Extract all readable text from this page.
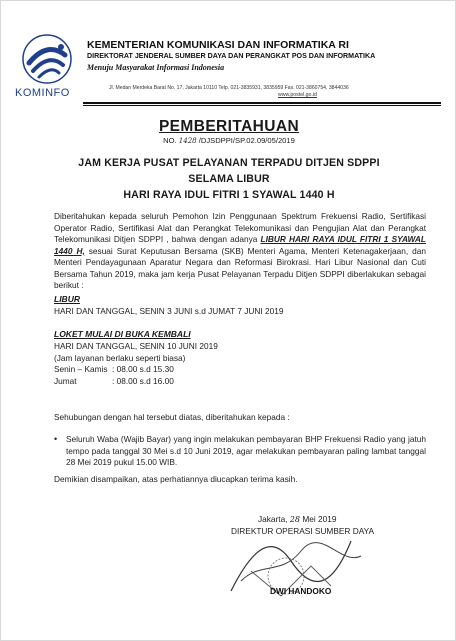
KOMINFO
KEMENTERIAN KOMUNIKASI DAN INFORMATIKA RI
DIREKTORAT JENDERAL SUMBER DAYA DAN PERANGKAT POS DAN INFORMATIKA
Menuju Masyarakat Informasi Indonesia
Jl. Medan Merdeka Barat No. 17, Jakarta 10110 Telp. 021-3835931, 3835959 Fax. 021-3860754, 3844036
www.postel.go.id
PEMBERITAHUAN
NO. 1428 /DJSDPPI/SP.02.09/05/2019
JAM KERJA PUSAT PELAYANAN TERPADU DITJEN SDPPI
SELAMA LIBUR
HARI RAYA IDUL FITRI 1 SYAWAL 1440 H
Diberitahukan kepada seluruh Pemohon Izin Penggunaan Spektrum Frekuensi Radio, Sertifikasi Operator Radio, Sertifikasi Alat dan Perangkat Telekomunikasi dan Pengujian Alat dan Perangkat Telekomunikasi Ditjen SDPPI , bahwa dengan adanya LIBUR HARI RAYA IDUL FITRI 1 SYAWAL 1440 H, sesuai Surat Keputusan Bersama (SKB) Menteri Agama, Menteri Ketenagakerjaan, dan Menteri Pendayagunaan Aparatur Negara dan Reformasi Birokrasi. Hari Libur Nasional dan Cuti Bersama Tahun 2019, maka jam kerja Pusat Pelayanan Terpadu Ditjen SDPPI diberlakukan sebagai berikut :
LIBUR
HARI DAN TANGGAL, SENIN 3 JUNI s.d JUMAT 7 JUNI 2019
LOKET MULAI DI BUKA KEMBALI
HARI DAN TANGGAL, SENIN 10 JUNI 2019
(Jam layanan berlaku seperti biasa)
Senin – Kamis : 08.00 s.d 15.30
Jumat	: 08.00 s.d 16.00
Sehubungan dengan hal tersebut diatas, diberitahukan kepada :
•	Seluruh Waba (Wajib Bayar) yang ingin melakukan pembayaran BHP Frekuensi Radio yang jatuh tempo pada tanggal 30 Mei s.d 10 Juni 2019, agar melakukan pembayaran paling lambat tanggal 28 Mei 2019 pukul 15.00 WIB.
Demikian disampaikan, atas perhatiannya diucapkan terima kasih.
Jakarta, 28 Mei 2019
DIREKTUR OPERASI SUMBER DAYA
DWI HANDOKO
